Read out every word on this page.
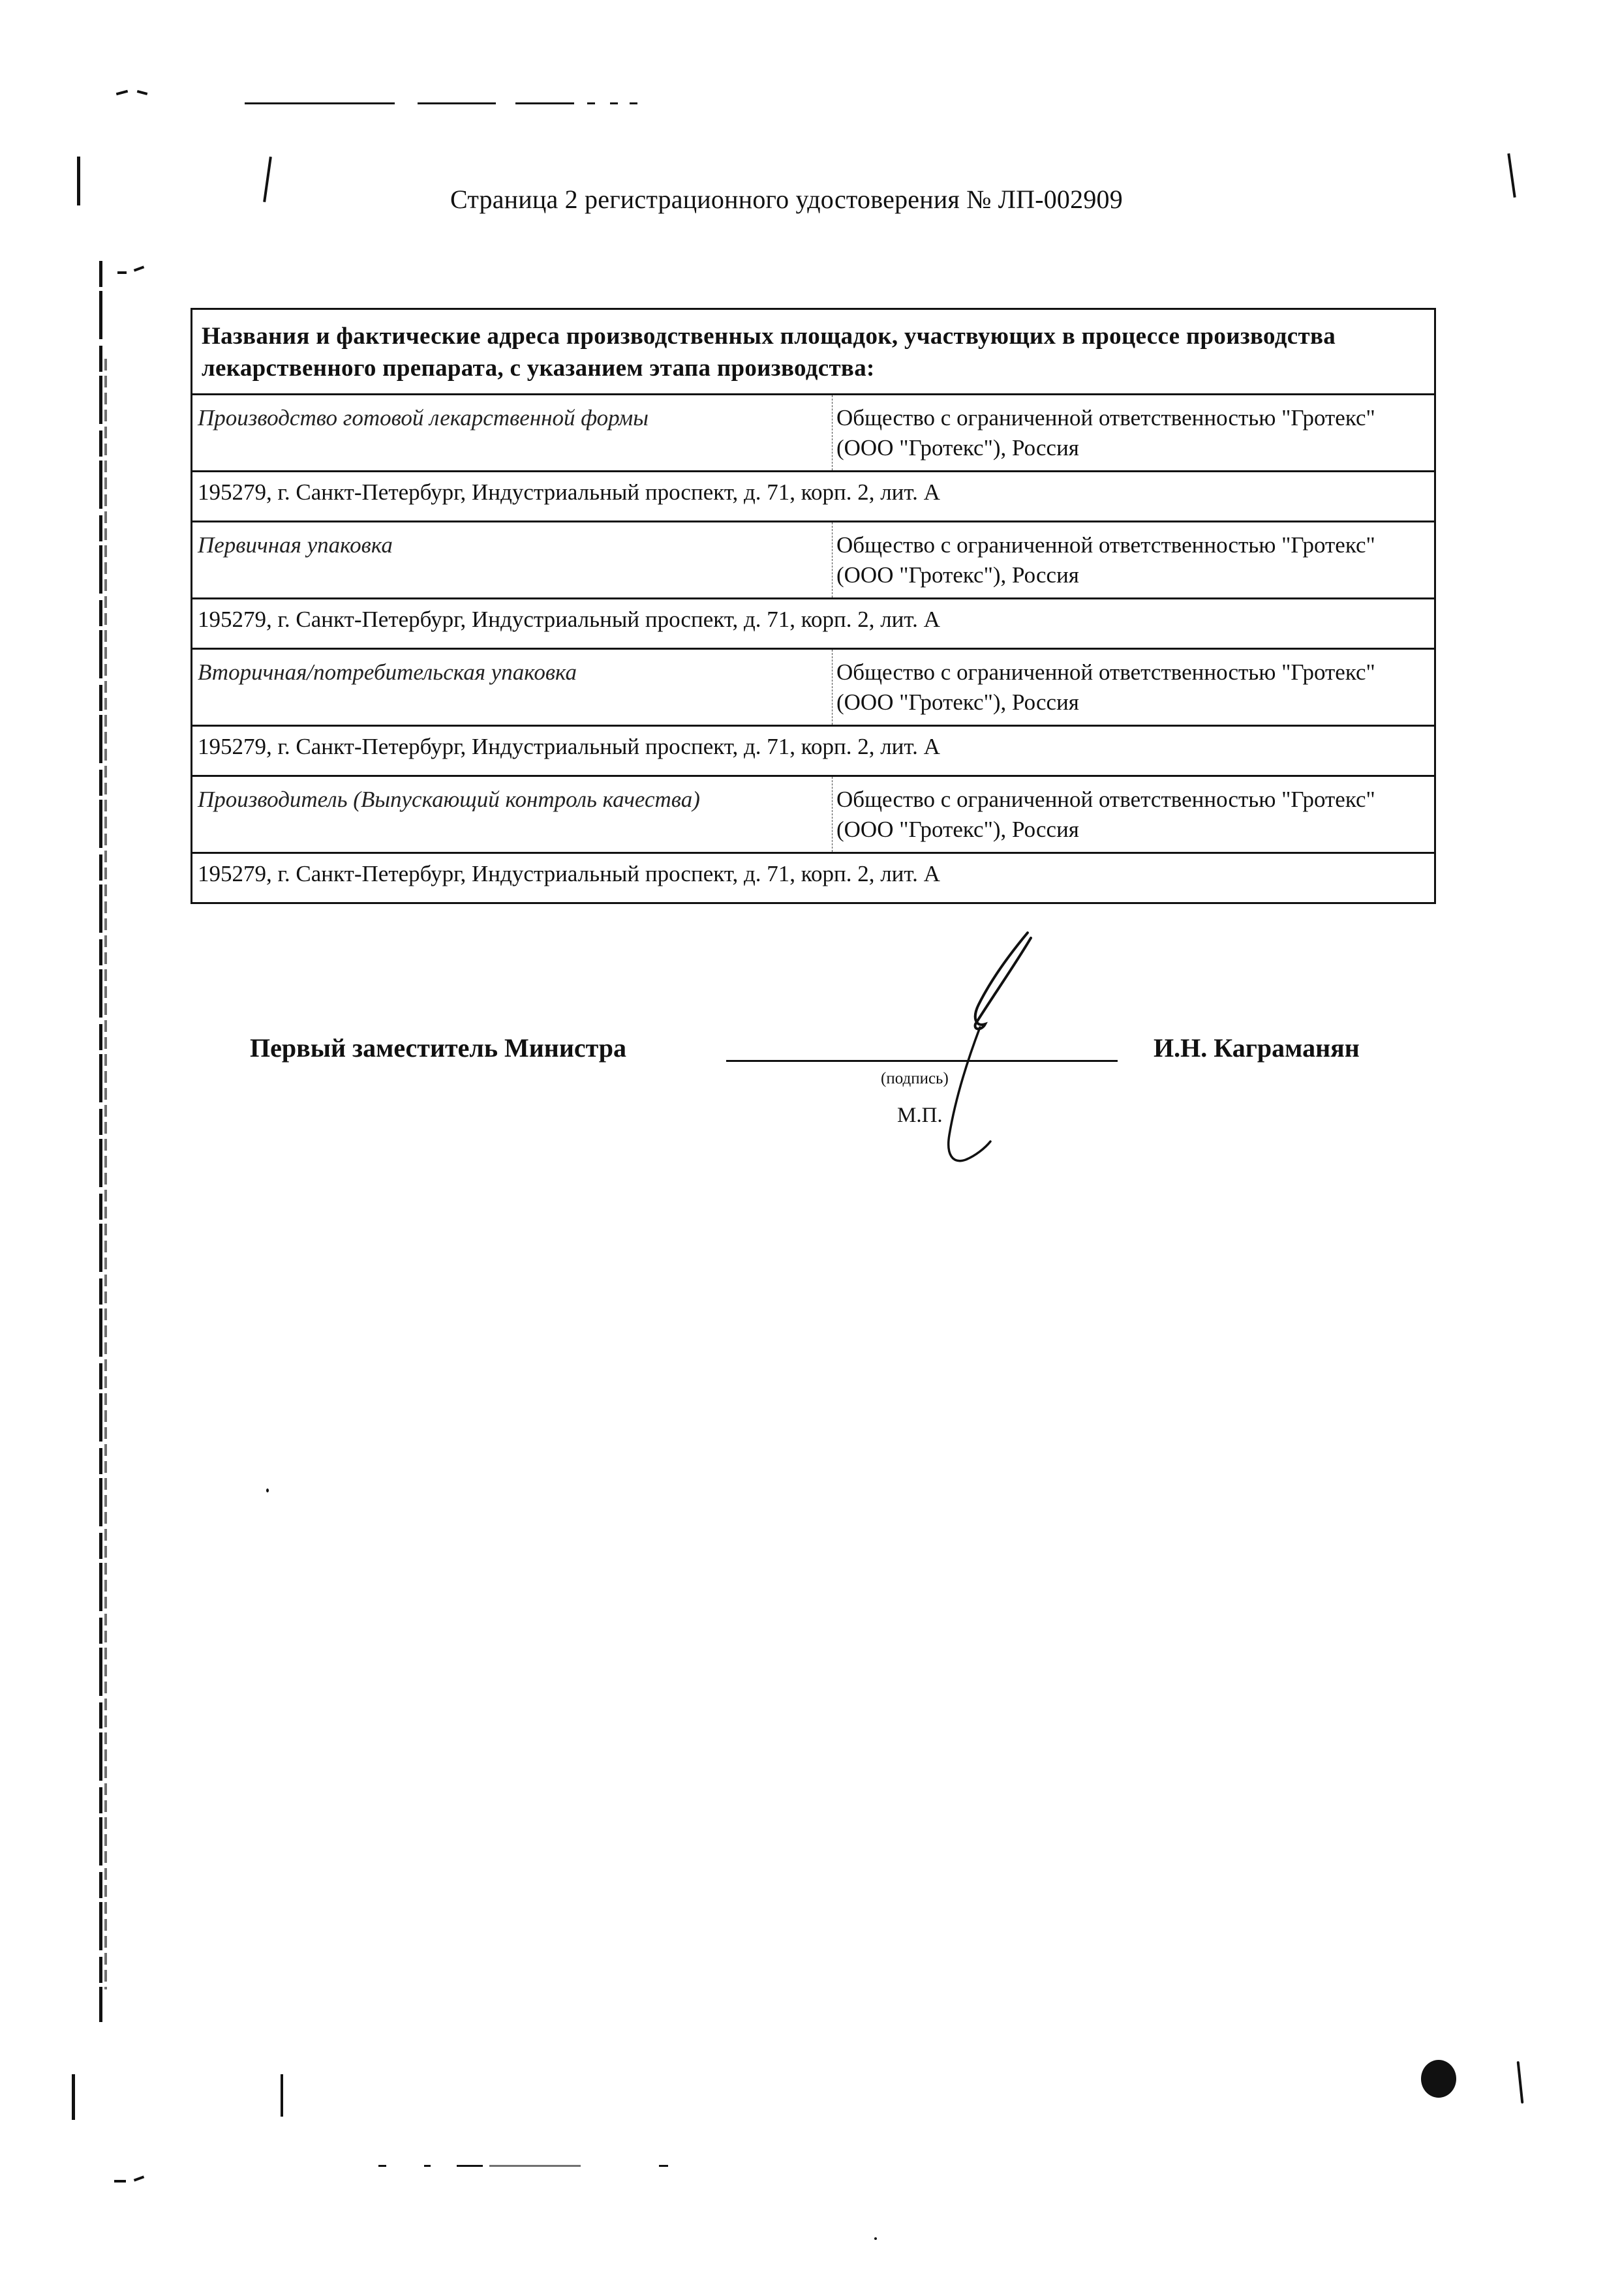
Страница 2 регистрационного удостоверения № ЛП-002909
Названия и фактические адреса производственных площадок, участвующих в процессе производства лекарственного препарата, с указанием этапа производства:	
Производство готовой лекарственной формы	Общество с ограниченной ответственностью "Гротекс" (ООО "Гротекс"), Россия
195279, г. Санкт-Петербург, Индустриальный проспект, д. 71, корп. 2, лит. А	
Первичная упаковка	Общество с ограниченной ответственностью "Гротекс" (ООО "Гротекс"), Россия
195279, г. Санкт-Петербург, Индустриальный проспект, д. 71, корп. 2, лит. А	
Вторичная/потребительская упаковка	Общество с ограниченной ответственностью "Гротекс" (ООО "Гротекс"), Россия
195279, г. Санкт-Петербург, Индустриальный проспект, д. 71, корп. 2, лит. А	
Производитель (Выпускающий контроль качества)	Общество с ограниченной ответственностью "Гротекс" (ООО "Гротекс"), Россия
195279, г. Санкт-Петербург, Индустриальный проспект, д. 71, корп. 2, лит. А	
Первый заместитель Министра
(подпись)
М.П.
И.Н. Каграманян
